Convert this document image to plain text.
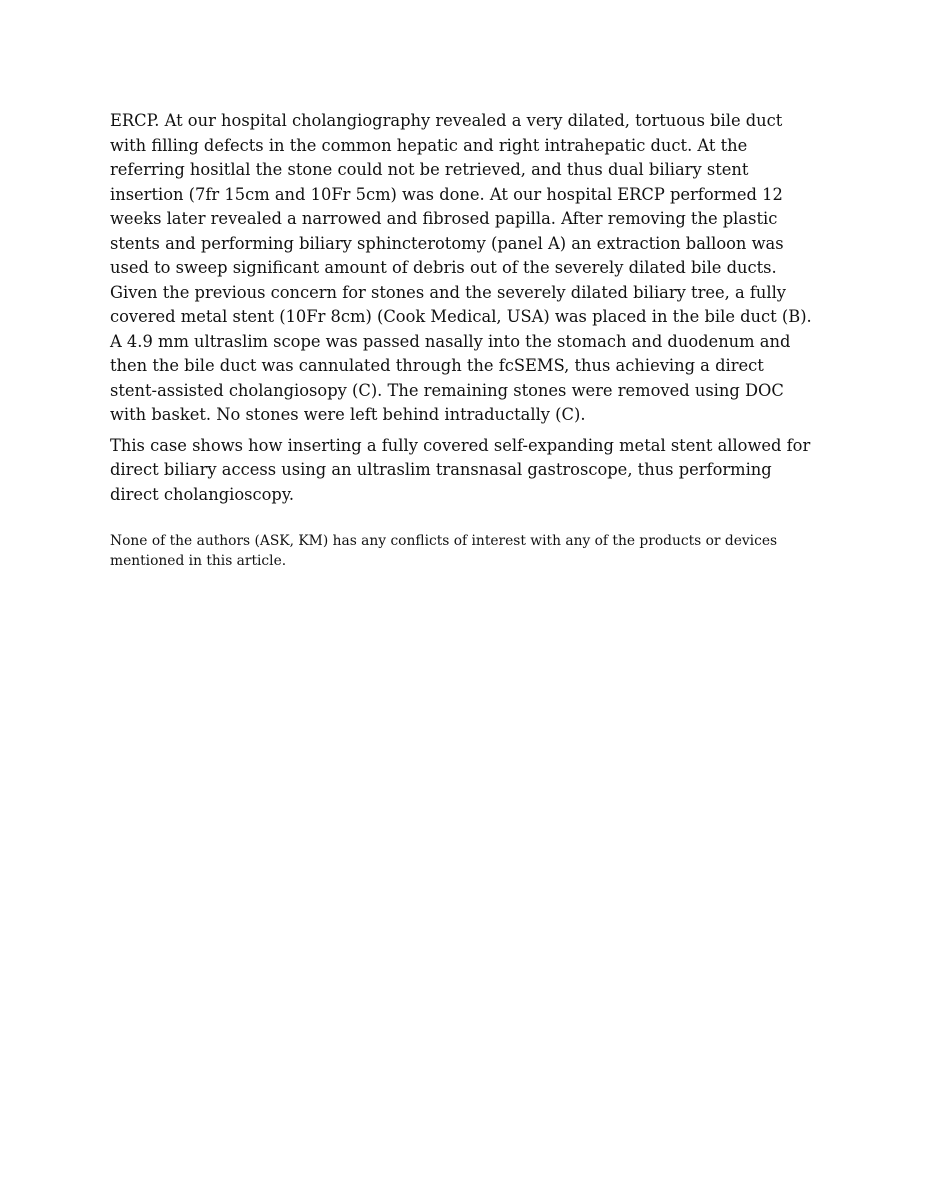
ERCP. At our hospital cholangiography revealed a very dilated, tortuous bile duct with filling defects in the common hepatic and right intrahepatic duct. At the referring hositlal the stone could not be retrieved, and thus dual biliary stent insertion (7fr 15cm and 10Fr 5cm) was done. At our hospital ERCP performed 12 weeks later revealed a narrowed and fibrosed papilla. After removing the plastic stents and performing biliary sphincterotomy (panel A) an extraction balloon was used to sweep significant amount of debris out of the severely dilated bile ducts. Given the previous concern for stones and the severely dilated biliary tree, a fully covered metal stent (10Fr 8cm) (Cook Medical, USA) was placed in the bile duct (B). A 4.9 mm ultraslim scope was passed nasally into the stomach and duodenum and then the bile duct was cannulated through the fcSEMS, thus achieving a direct stent-assisted cholangiosopy (C). The remaining stones were removed using DOC with basket. No stones were left behind intraductally (C).

This case shows how inserting a fully covered self-expanding metal stent allowed for direct biliary access using an ultraslim transnasal gastroscope, thus performing direct cholangioscopy.

None of the authors (ASK, KM) has any conflicts of interest with any of the products or devices mentioned in this article.
